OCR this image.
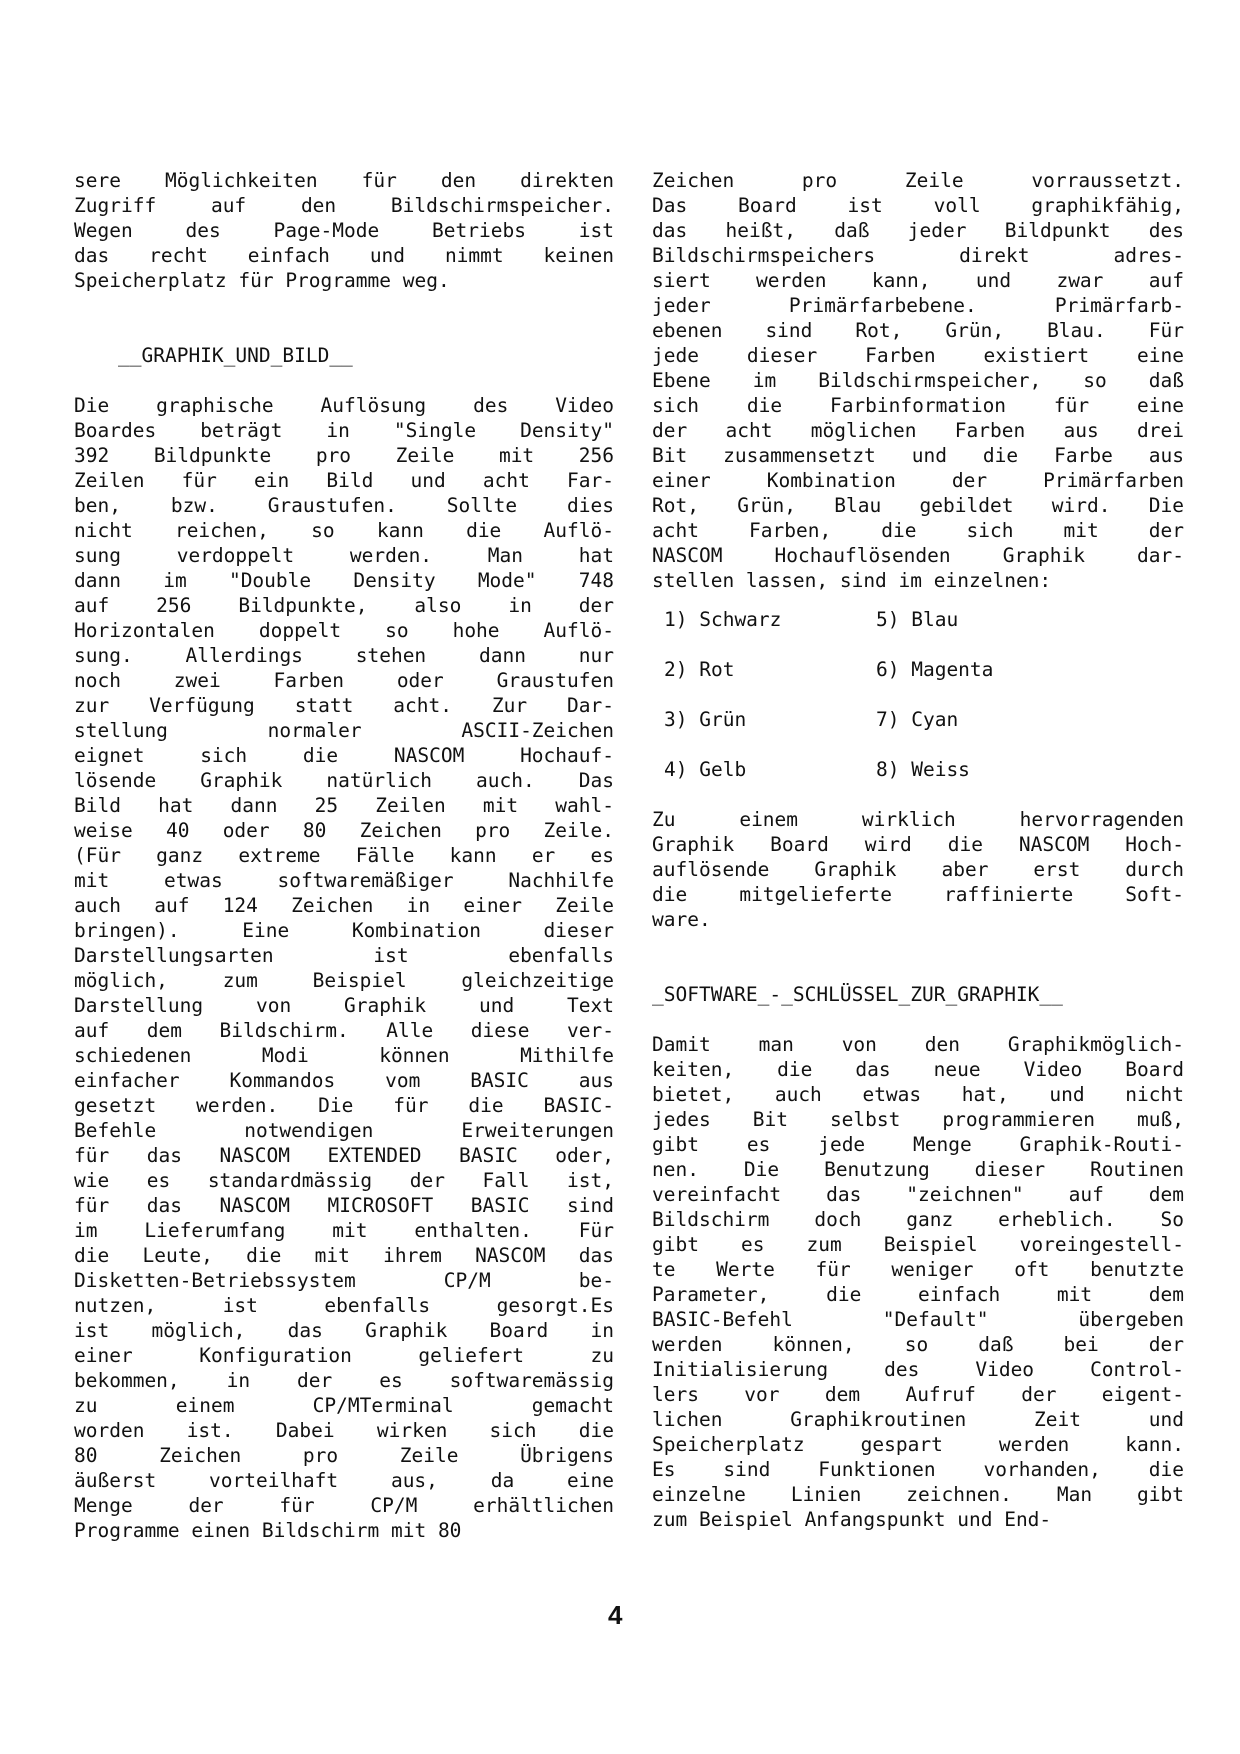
sere Möglichkeiten für den direkten
Zugriff auf den Bildschirmspeicher.
Wegen des Page-Mode Betriebs ist
das recht einfach und nimmt keinen
Speicherplatz für Programme weg.
__GRAPHIK_UND_BILD__
Die graphische Auflösung des Video
Boardes beträgt in "Single Density"
392 Bildpunkte pro Zeile mit 256
Zeilen für ein Bild und acht Far-
ben, bzw. Graustufen. Sollte dies
nicht reichen, so kann die Auflö-
sung verdoppelt werden. Man hat
dann im "Double Density Mode" 748
auf 256 Bildpunkte, also in der
Horizontalen doppelt so hohe Auflö-
sung. Allerdings stehen dann nur
noch zwei Farben oder Graustufen
zur Verfügung statt acht. Zur Dar-
stellung normaler ASCII-Zeichen
eignet sich die NASCOM Hochauf-
lösende Graphik natürlich auch. Das
Bild hat dann 25 Zeilen mit wahl-
weise 40 oder 80 Zeichen pro Zeile.
(Für ganz extreme Fälle kann er es
mit etwas softwaremäßiger Nachhilfe
auch auf 124 Zeichen in einer Zeile
bringen). Eine Kombination dieser
Darstellungsarten ist ebenfalls
möglich, zum Beispiel gleichzeitige
Darstellung von Graphik und Text
auf dem Bildschirm. Alle diese ver-
schiedenen Modi können Mithilfe
einfacher Kommandos vom BASIC aus
gesetzt werden. Die für die BASIC-
Befehle notwendigen Erweiterungen
für das NASCOM EXTENDED BASIC oder,
wie es standardmässig der Fall ist,
für das NASCOM MICROSOFT BASIC sind
im Lieferumfang mit enthalten. Für
die Leute, die mit ihrem NASCOM das
Disketten-Betriebssystem CP/M be-
nutzen, ist ebenfalls gesorgt.Es
ist möglich, das Graphik Board in
einer Konfiguration geliefert zu
bekommen, in der es softwaremässig
zu einem CP/MTerminal gemacht
worden ist. Dabei wirken sich die
80 Zeichen pro Zeile Übrigens
äußerst vorteilhaft aus, da eine
Menge der für CP/M erhältlichen
Programme einen Bildschirm mit 80
Zeichen pro Zeile vorraussetzt.
Das Board ist voll graphikfähig,
das heißt, daß jeder Bildpunkt des
Bildschirmspeichers direkt adres-
siert werden kann, und zwar auf
jeder Primärfarbebene. Primärfarb-
ebenen sind Rot, Grün, Blau. Für
jede dieser Farben existiert eine
Ebene im Bildschirmspeicher, so daß
sich die Farbinformation für eine
der acht möglichen Farben aus drei
Bit zusammensetzt und die Farbe aus
einer Kombination der Primärfarben
Rot, Grün, Blau gebildet wird. Die
acht Farben, die sich mit der
NASCOM Hochauflösenden Graphik dar-
stellen lassen, sind im einzelnen:
1) Schwarz
2) Rot
3) Grün
4) Gelb
5) Blau
6) Magenta
7) Cyan
8) Weiss
Zu einem wirklich hervorragenden
Graphik Board wird die NASCOM Hoch-
auflösende Graphik aber erst durch
die mitgelieferte raffinierte Soft-
ware.
_SOFTWARE_-_SCHLÜSSEL_ZUR_GRAPHIK__
Damit man von den Graphikmöglich-
keiten, die das neue Video Board
bietet, auch etwas hat, und nicht
jedes Bit selbst programmieren muß,
gibt es jede Menge Graphik-Routi-
nen. Die Benutzung dieser Routinen
vereinfacht das "zeichnen" auf dem
Bildschirm doch ganz erheblich. So
gibt es zum Beispiel voreingestell-
te Werte für weniger oft benutzte
Parameter, die einfach mit dem
BASIC-Befehl "Default" übergeben
werden können, so daß bei der
Initialisierung des Video Control-
lers vor dem Aufruf der eigent-
lichen Graphikroutinen Zeit und
Speicherplatz gespart werden kann.
Es sind Funktionen vorhanden, die
einzelne Linien zeichnen. Man gibt
zum Beispiel Anfangspunkt und End-
4
